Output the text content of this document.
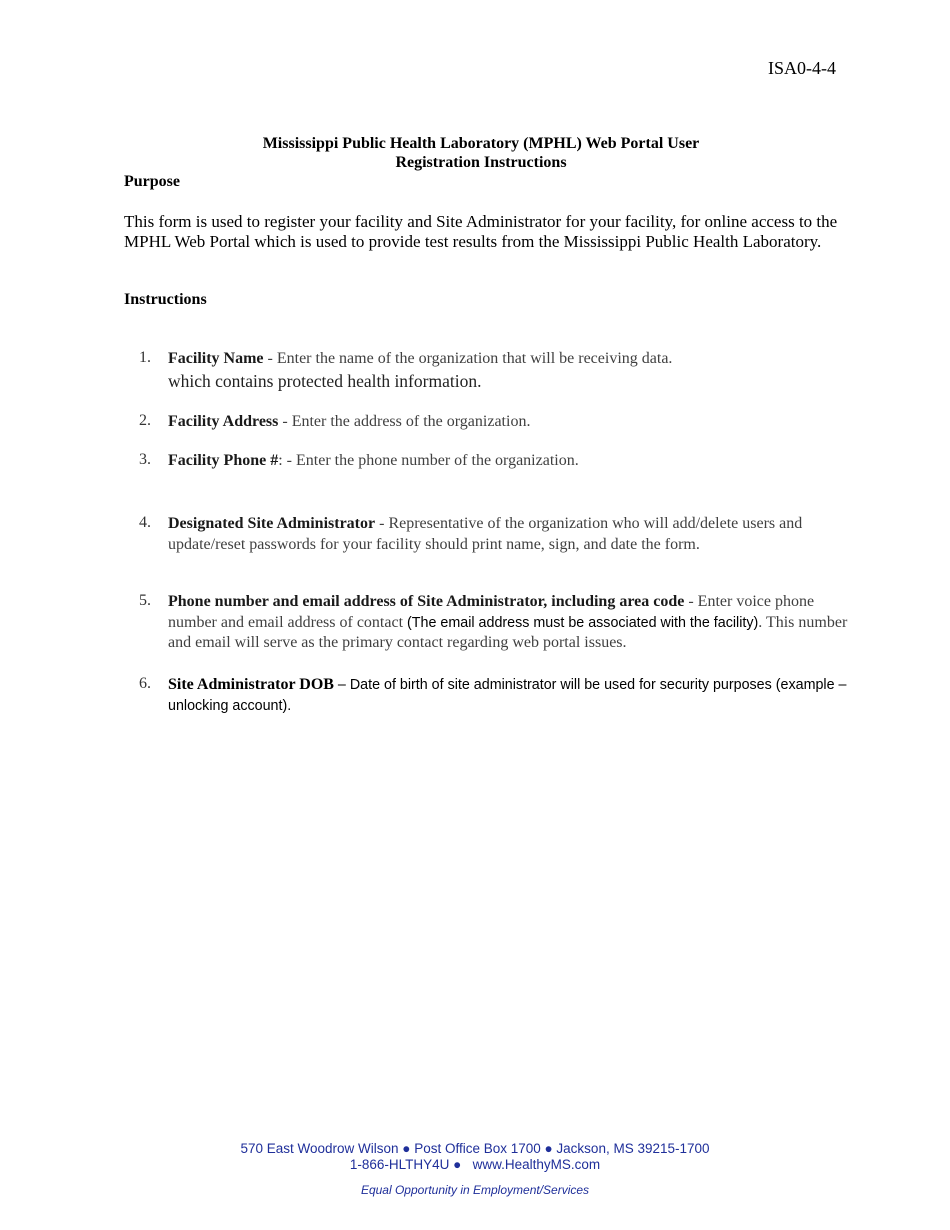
ISA0-4-4
Mississippi Public Health Laboratory (MPHL) Web Portal User
Registration Instructions
Purpose
This form is used to register your facility and Site Administrator for your facility, for online access to the MPHL Web Portal which is used to provide test results from the Mississippi Public Health Laboratory.
Instructions
1. Facility Name - Enter the name of the organization that will be receiving data.
which contains protected health information.
2. Facility Address - Enter the address of the organization.
3. Facility Phone #: - Enter the phone number of the organization.
4. Designated Site Administrator - Representative of the organization who will add/delete users and update/reset passwords for your facility should print name, sign, and date the form.
5. Phone number and email address of Site Administrator, including area code - Enter voice phone number and email address of contact (The email address must be associated with the facility). This number and email will serve as the primary contact regarding web portal issues.
6. Site Administrator DOB – Date of birth of site administrator will be used for security purposes (example – unlocking account).
570 East Woodrow Wilson ● Post Office Box 1700 ● Jackson, MS 39215-1700
1-866-HLTHY4U ● www.HealthyMS.com
Equal Opportunity in Employment/Services
